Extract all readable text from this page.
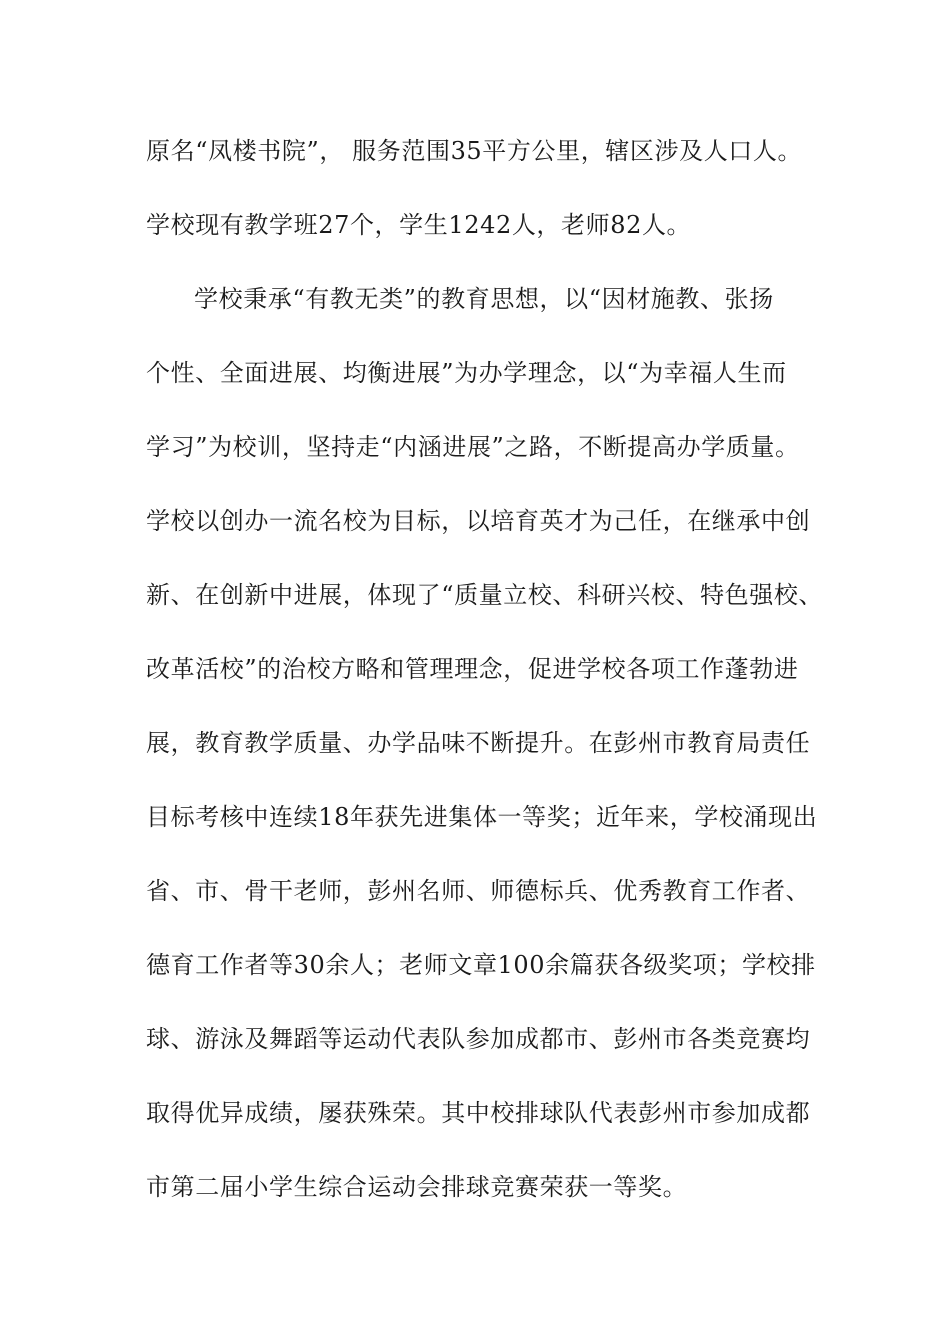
原名“凤楼书院”， 服务范围35平方公里，辖区涉及人口人。
学校现有教学班27个，学生1242人，老师82人。
学校秉承“有教无类”的教育思想，以“因材施教、张扬
个性、全面进展、均衡进展”为办学理念，以“为幸福人生而
学习”为校训，坚持走“内涵进展”之路，不断提高办学质量。
学校以创办一流名校为目标，以培育英才为己任，在继承中创
新、在创新中进展，体现了“质量立校、科研兴校、特色强校、
改革活校”的治校方略和管理理念，促进学校各项工作蓬勃进
展，教育教学质量、办学品味不断提升。在彭州市教育局责任
目标考核中连续18年获先进集体一等奖；近年来，学校涌现出
省、市、骨干老师，彭州名师、师德标兵、优秀教育工作者、
德育工作者等30余人；老师文章100余篇获各级奖项；学校排
球、游泳及舞蹈等运动代表队参加成都市、彭州市各类竞赛均
取得优异成绩，屡获殊荣。其中校排球队代表彭州市参加成都
市第二届小学生综合运动会排球竞赛荣获一等奖。
